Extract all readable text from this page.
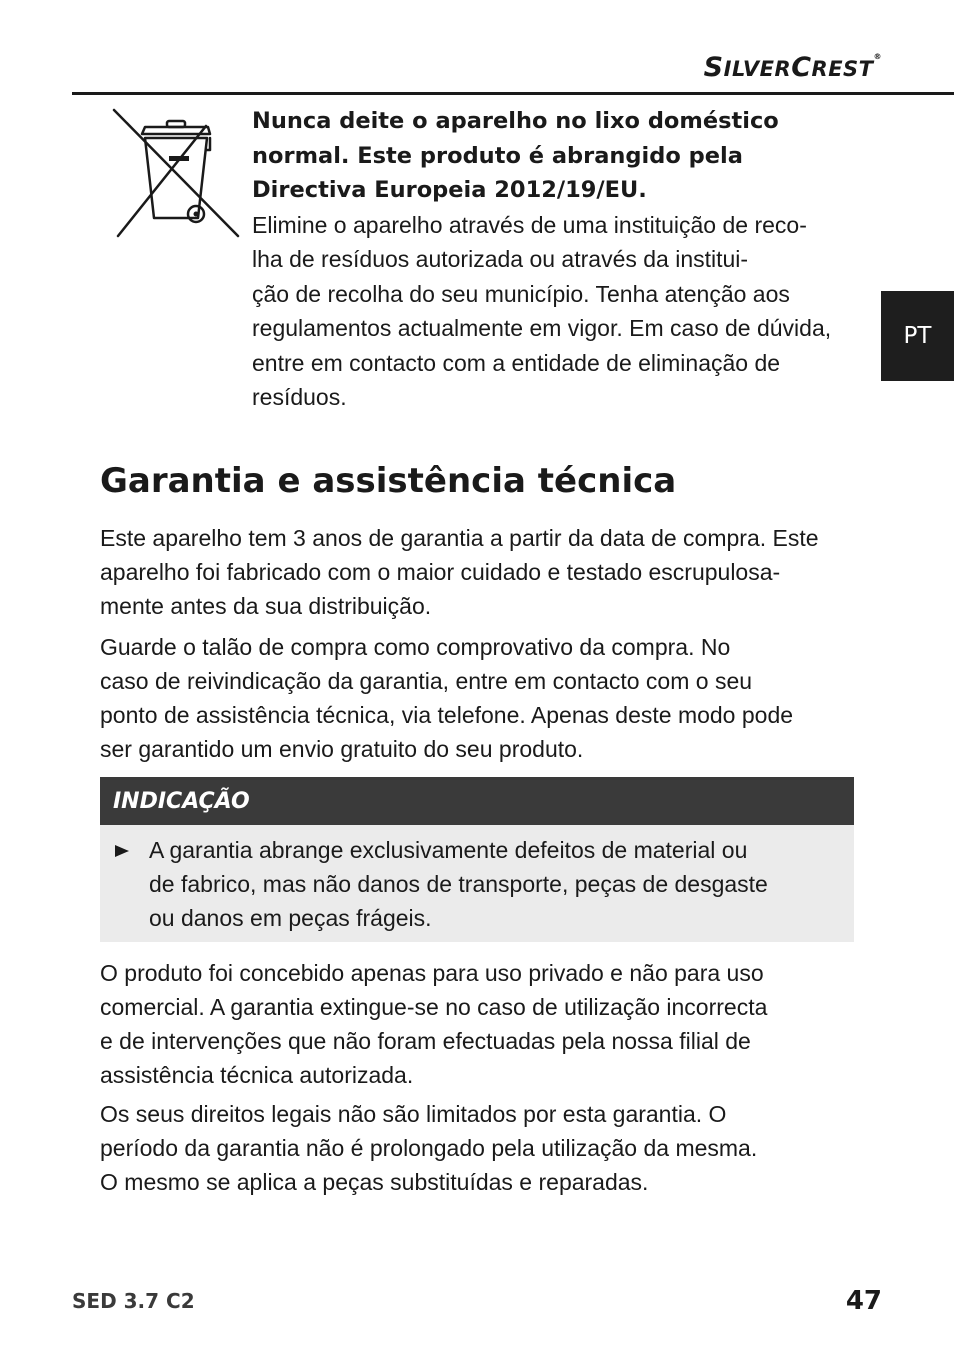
SILVERCREST®
PT

Nunca deite o aparelho no lixo doméstico
normal. Este produto é abrangido pela
Directiva Europeia 2012/19/EU.

Elimine o aparelho através de uma instituição de reco-
lha de resíduos autorizada ou através da institui-
ção de recolha do seu município. Tenha atenção aos
regulamentos actualmente em vigor. Em caso de dúvida,
entre em contacto com a entidade de eliminação de
resíduos.

Garantia e assistência técnica

Este aparelho tem 3 anos de garantia a partir da data de compra. Este
aparelho foi fabricado com o maior cuidado e testado escrupulosa-
mente antes da sua distribuição.

Guarde o talão de compra como comprovativo da compra. No
caso de reivindicação da garantia, entre em contacto com o seu
ponto de assistência técnica, via telefone. Apenas deste modo pode
ser garantido um envio gratuito do seu produto.

INDICAÇÃO
A garantia abrange exclusivamente defeitos de material ou
de fabrico, mas não danos de transporte, peças de desgaste
ou danos em peças frágeis.

O produto foi concebido apenas para uso privado e não para uso
comercial. A garantia extingue-se no caso de utilização incorrecta
e de intervenções que não foram efectuadas pela nossa filial de
assistência técnica autorizada.

Os seus direitos legais não são limitados por esta garantia. O
período da garantia não é prolongado pela utilização da mesma.
O mesmo se aplica a peças substituídas e reparadas.

SED 3.7 C2	47
